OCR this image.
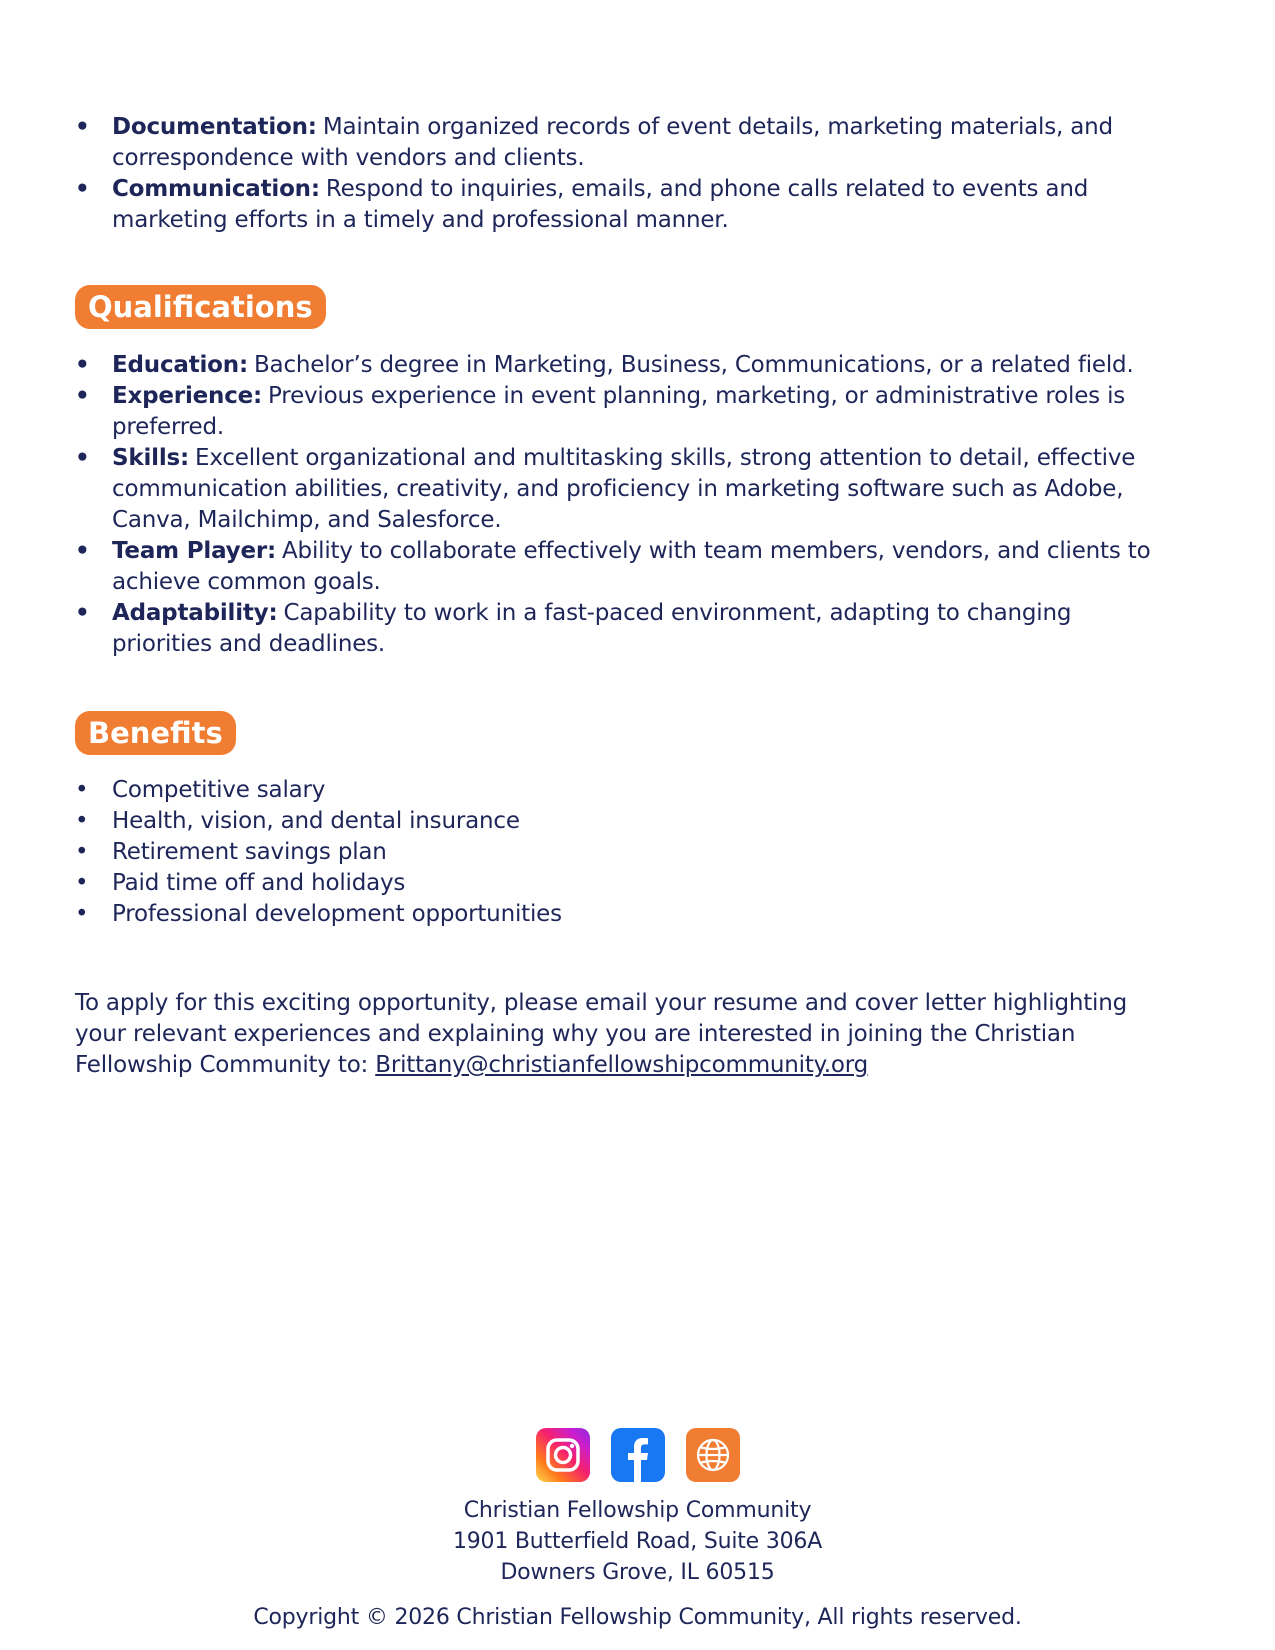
• Documentation: Maintain organized records of event details, marketing materials, and correspondence with vendors and clients.
• Communication: Respond to inquiries, emails, and phone calls related to events and marketing efforts in a timely and professional manner.
Qualifications
• Education: Bachelor’s degree in Marketing, Business, Communications, or a related field.
• Experience: Previous experience in event planning, marketing, or administrative roles is preferred.
• Skills: Excellent organizational and multitasking skills, strong attention to detail, effective communication abilities, creativity, and proficiency in marketing software such as Adobe, Canva, Mailchimp, and Salesforce.
• Team Player: Ability to collaborate effectively with team members, vendors, and clients to achieve common goals.
• Adaptability: Capability to work in a fast-paced environment, adapting to changing priorities and deadlines.
Benefits
• Competitive salary
• Health, vision, and dental insurance
• Retirement savings plan
• Paid time off and holidays
• Professional development opportunities

To apply for this exciting opportunity, please email your resume and cover letter highlighting your relevant experiences and explaining why you are interested in joining the Christian Fellowship Community to: Brittany@christianfellowshipcommunity.org

Christian Fellowship Community
1901 Butterfield Road, Suite 306A
Downers Grove, IL 60515
Copyright © 2026 Christian Fellowship Community, All rights reserved.
